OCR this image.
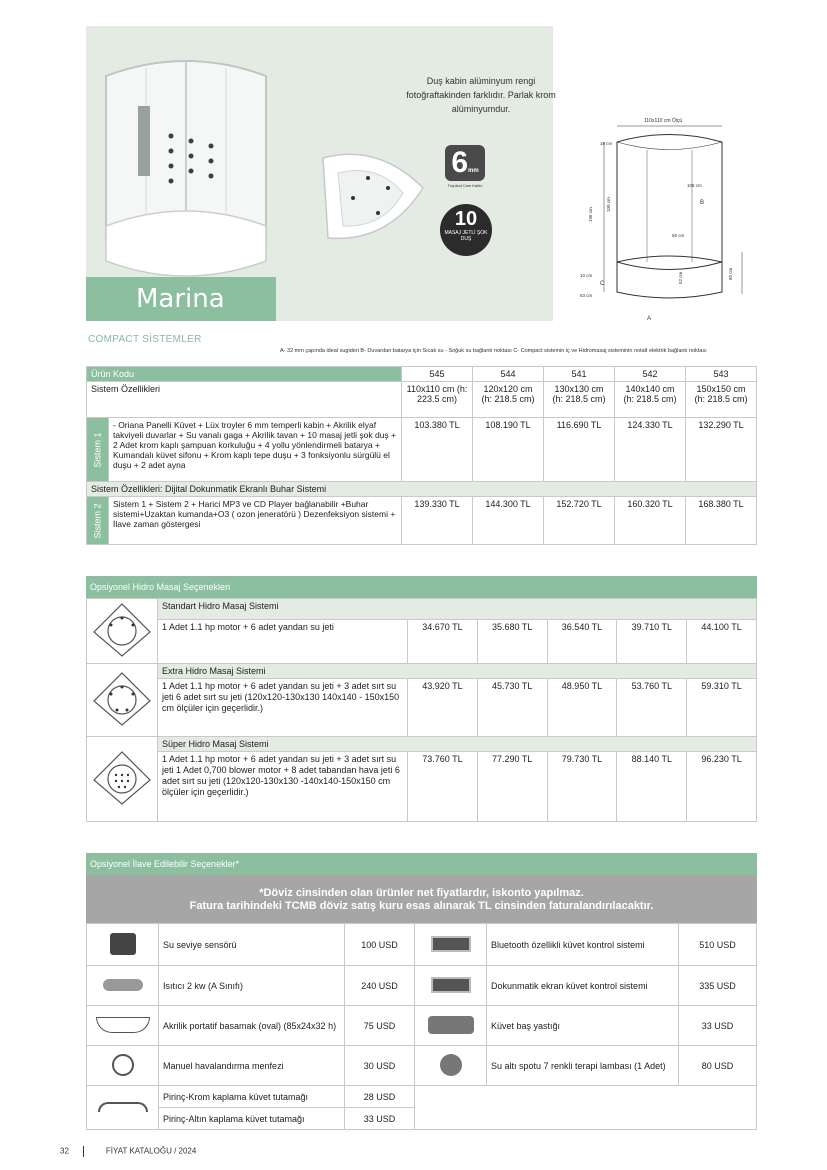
Duş kabin alüminyum rengi fotoğraftakinden farklıdır. Parlak krom alüminyumdur.
6mm
Tropikal Cam Kabin
10
MASAJ JETLİ ŞOK DUŞ
Marina
110x110 cm Ölçü
18 cm
196 cm
108 cm
100 cm
55 cm
10 cm
53 cm
52 cm	60 cm
A
B
C
COMPACT SİSTEMLER
A- 32 mm çapında ideal sugideri B- Duvardan batarya için Sıcak su - Soğuk su bağlantı noktası C- Compact sistemin iç ve Hidromasaj sisteminin notalt elektrik bağlantı noktası
Ürün Kodu		545	544	541	542	543
Sistem Özellikleri		110x110 cm (h: 223.5 cm)	120x120 cm (h: 218.5 cm)	130x130 cm (h: 218.5 cm)	140x140 cm (h: 218.5 cm)	150x150 cm (h: 218.5 cm)

Sistem 1	- Oriana Panelli Küvet + Lüx troyler 6 mm temperli kabin + Akrilik elyaf takviyeli duvarlar + Su vanalı gaga + Akrilik tavan + 10 masaj jetli şok duş + 2 Adet krom kaplı şampuan korkuluğu + 4 yollu yönlendirmeli batarya + Kumandalı küvet sifonu + Krom kaplı tepe duşu + 3 fonksiyonlu sürgülü el duşu + 2 adet ayna	103.380 TL	108.190 TL	116.690 TL	124.330 TL	132.290 TL
Sistem Özellikleri: Dijital Dokunmatik Ekranlı Buhar Sistemi						

Sistem 2	Sistem 1 + Sistem 2 + Harici MP3 ve CD Player bağlanabilir +Buhar sistemi+Uzaktan kumanda+O3 ( ozon jeneratörü ) Dezenfeksiyon sistemi + İlave zaman göstergesi	139.330 TL	144.300 TL	152.720 TL	160.320 TL	168.380 TL
Opsiyonel Hidro Masaj Seçenekleri
	Standart Hidro Masaj Sistemi					
	1 Adet 1.1 hp motor + 6 adet yandan su jeti	34.670 TL	35.680 TL	36.540 TL	39.710 TL	44.100 TL
	Extra Hidro Masaj Sistemi					
	1 Adet 1.1 hp motor + 6 adet yandan su jeti + 3 adet sırt su jeti 6 adet sırt su jeti (120x120-130x130 140x140 - 150x150 cm ölçüler için geçerlidir.)	43.920 TL	45.730 TL	48.950 TL	53.760 TL	59.310 TL
	Süper Hidro Masaj Sistemi					
	1 Adet 1.1 hp motor + 6 adet yandan su jeti + 3 adet sırt su jeti 1 Adet 0,700 blower motor + 8 adet tabandan hava jeti 6 adet sırt su jeti (120x120-130x130 -140x140-150x150 cm ölçüler için geçerlidir.)	73.760 TL	77.290 TL	79.730 TL	88.140 TL	96.230 TL
Opsiyonel İlave Edilebilir Seçenekler*
*Döviz cinsinden olan ürünler net fiyatlardır, iskonto yapılmaz.
Fatura tarihindeki TCMB döviz satış kuru esas alınarak TL cinsinden faturalandırılacaktır.
	Su seviye sensörü	100 USD		Bluetooth özellikli küvet kontrol sistemi	510 USD
	Isıtıcı 2 kw (A Sınıfı)	240 USD		Dokunmatik ekran küvet kontrol sistemi	335 USD
	Akrilik portatif basamak (oval) (85x24x32 h)	75 USD		Küvet baş yastığı	33 USD
	Manuel havalandırma menfezi	30 USD		Su altı spotu 7 renkli terapi lambası (1 Adet)	80 USD
	Pirinç-Krom kaplama küvet tutamağı	28 USD			
	Pirinç-Altın kaplama küvet tutamağı	33 USD			
32	FİYAT KATALOĞU / 2024
